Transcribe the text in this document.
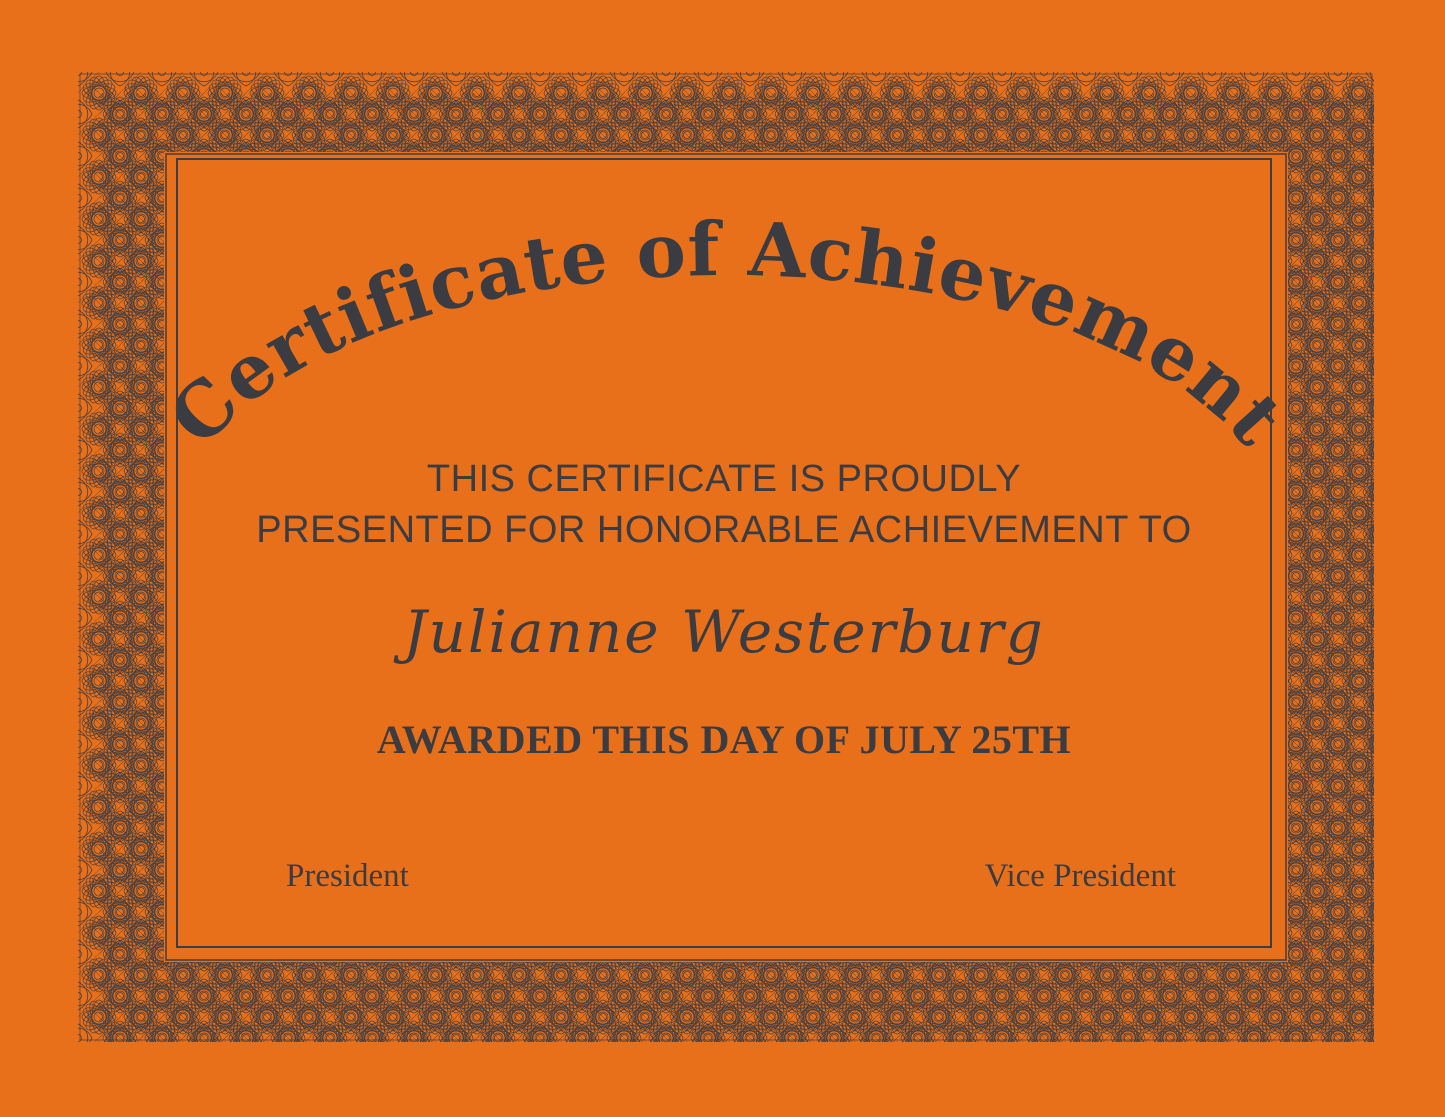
Certificate of Achievement
THIS CERTIFICATE IS PROUDLY
PRESENTED FOR HONORABLE ACHIEVEMENT TO
Julianne Westerburg
AWARDED THIS DAY OF JULY 25TH
President	Vice President
